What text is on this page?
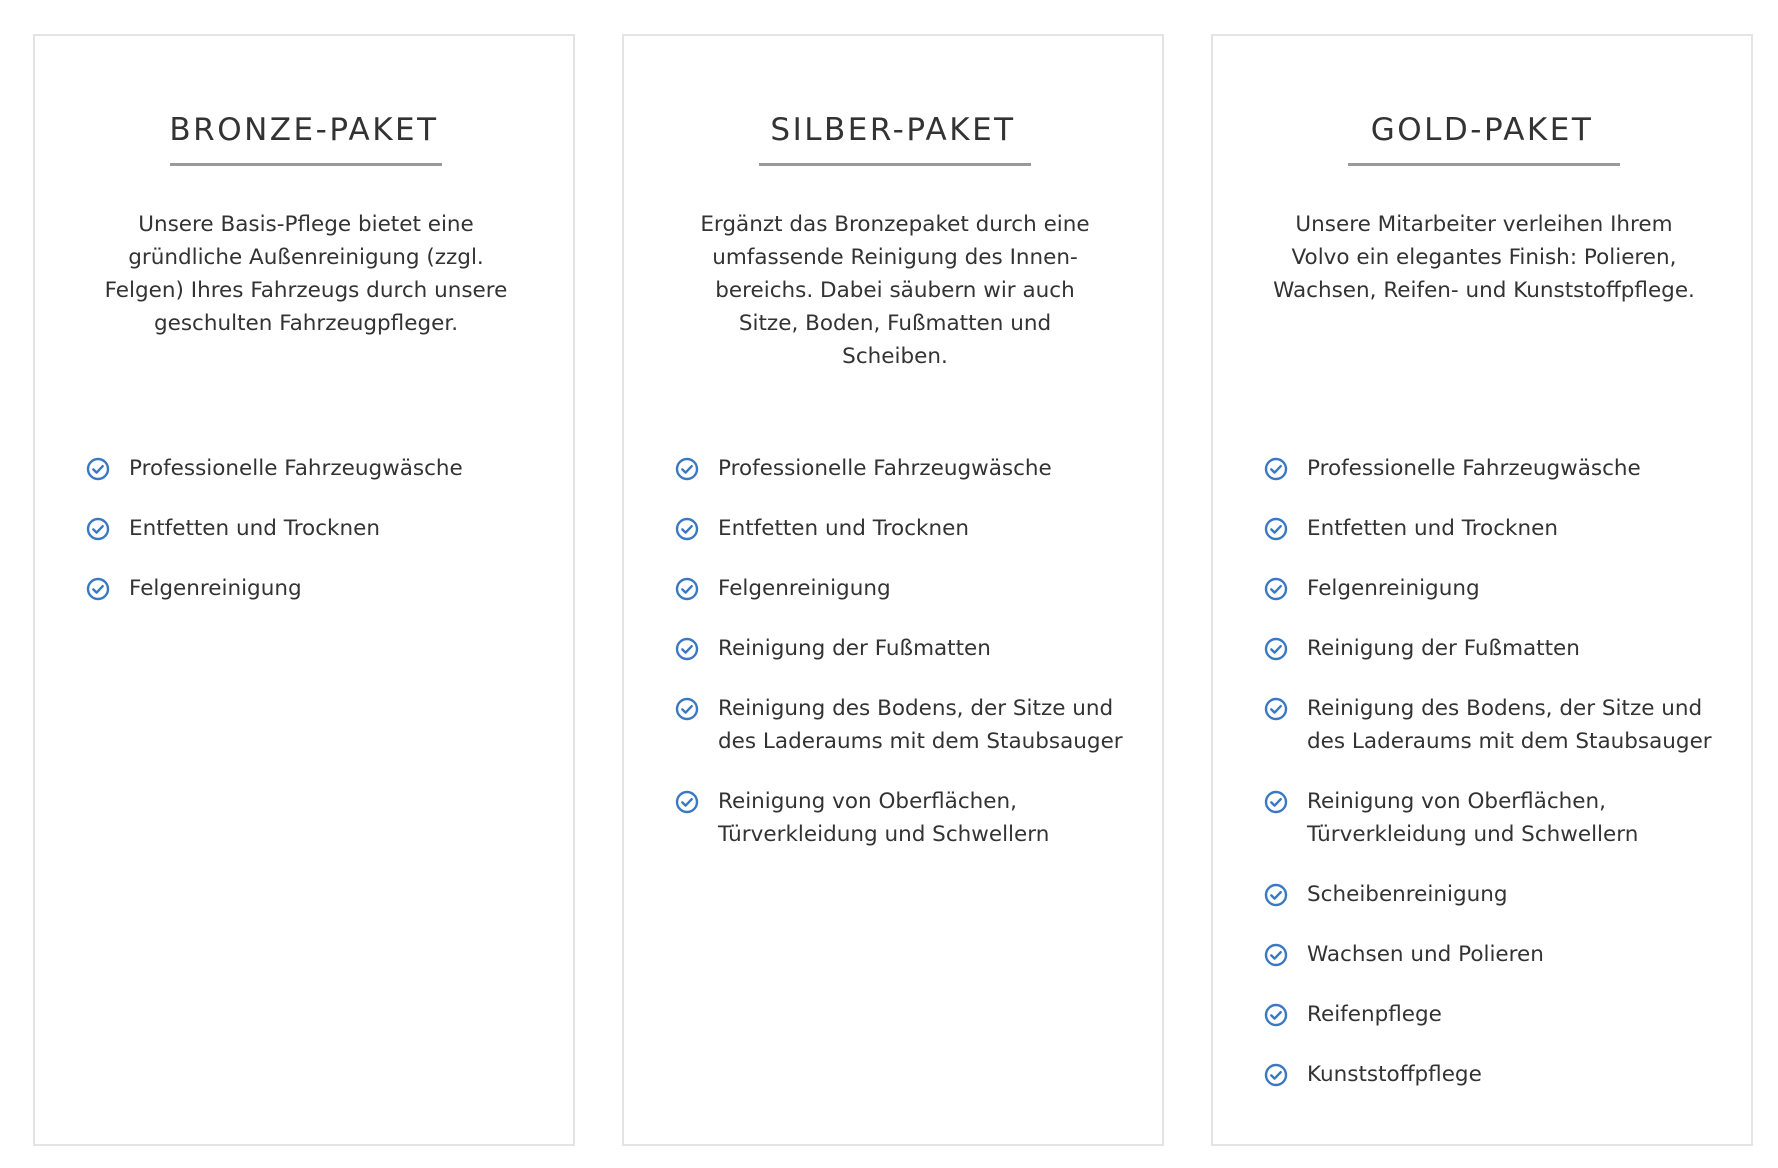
BRONZE-PAKET

Unsere Basis-Pflege bietet eine gründliche Außenreinigung (zzgl. Felgen) Ihres Fahrzeugs durch unsere geschulten Fahrzeugpfleger.

Professionelle Fahrzeugwäsche
Entfetten und Trocknen
Felgenreinigung
SILBER-PAKET

Ergänzt das Bronzepaket durch eine umfassende Reinigung des Innen-bereichs. Dabei säubern wir auch Sitze, Boden, Fußmatten und Scheiben.

Professionelle Fahrzeugwäsche
Entfetten und Trocknen
Felgenreinigung
Reinigung der Fußmatten
Reinigung des Bodens, der Sitze und des Laderaums mit dem Staubsauger
Reinigung von Oberflächen, Türverkleidung und Schwellern
GOLD-PAKET

Unsere Mitarbeiter verleihen Ihrem Volvo ein elegantes Finish: Polieren, Wachsen, Reifen- und Kunststoffpflege.

Professionelle Fahrzeugwäsche
Entfetten und Trocknen
Felgenreinigung
Reinigung der Fußmatten
Reinigung des Bodens, der Sitze und des Laderaums mit dem Staubsauger
Reinigung von Oberflächen, Türverkleidung und Schwellern
Scheibenreinigung
Wachsen und Polieren
Reifenpflege
Kunststoffpflege
